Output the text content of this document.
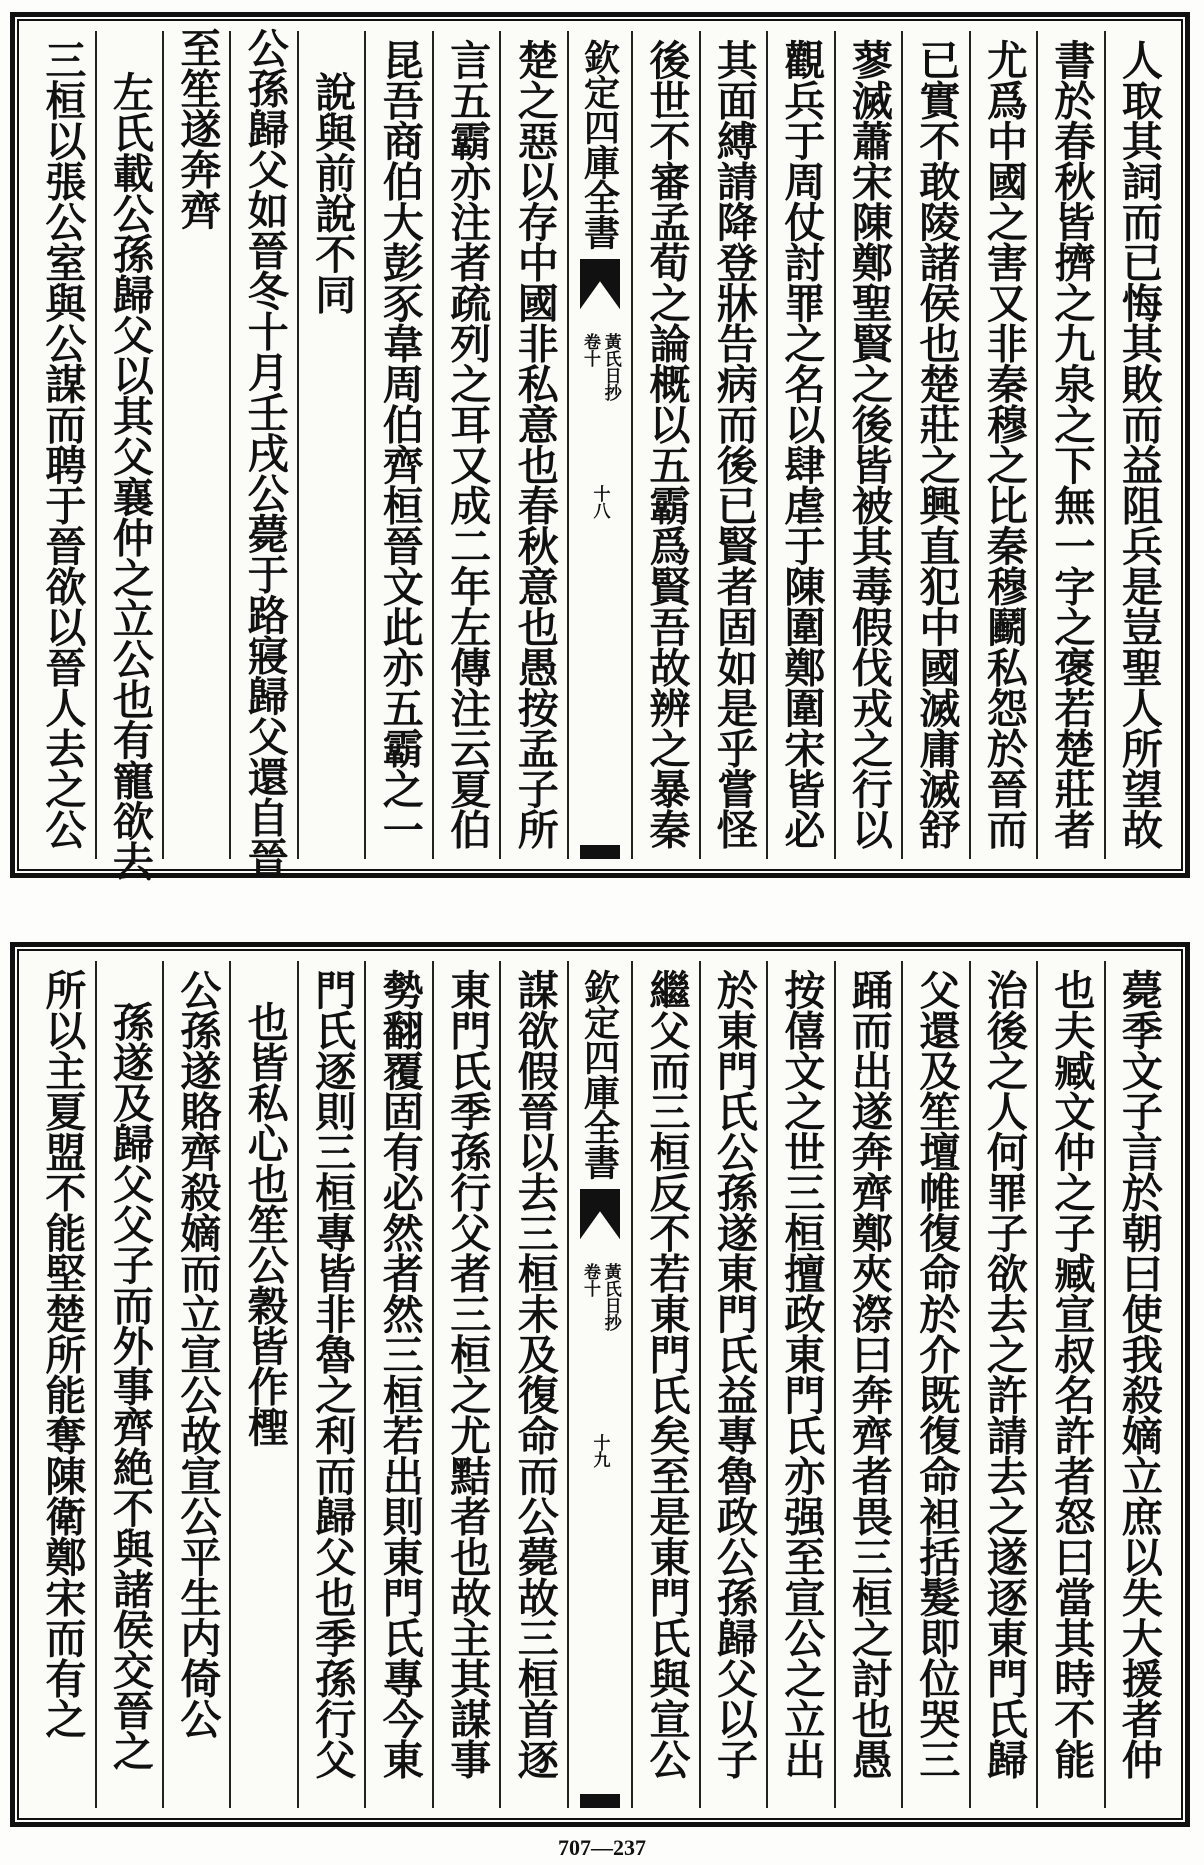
人取其詞而已悔其敗而益阻兵是豈聖人所望故
書於春秋皆擠之九泉之下無一字之褒若楚莊者
尤爲中國之害又非秦穆之比秦穆鬬私怨於晉而
已實不敢陵諸侯也楚莊之興直犯中國滅庸滅舒
蓼滅蕭宋陳鄭聖賢之後皆被其毒假伐戎之行以
觀兵于周仗討罪之名以肆虐于陳圍鄭圍宋皆必
其面縛請降登牀告病而後已賢者固如是乎嘗怪
後世不審孟荀之論概以五霸爲賢吾故辨之暴秦
欽定四庫全書
黃氏日抄
卷十
十八
楚之惡以存中國非私意也春秋意也愚按孟子所
言五霸亦注者疏列之耳又成二年左傳注云夏伯
昆吾商伯大彭豕韋周伯齊桓晉文此亦五霸之一
說與前說不同
公孫歸父如晉冬十月壬戌公薨于路寢歸父還自晉
至笙遂奔齊
左氏載公孫歸父以其父襄仲之立公也有寵欲去
三桓以張公室與公謀而聘于晉欲以晉人去之公
薨季文子言於朝曰使我殺嫡立庶以失大援者仲
也夫臧文仲之子臧宣叔名許者怒曰當其時不能
治後之人何罪子欲去之許請去之遂逐東門氏歸
父還及笙壇帷復命於介既復命袒括髮即位哭三
踊而出遂奔齊鄭夾漈曰奔齊者畏三桓之討也愚
按僖文之世三桓擅政東門氏亦强至宣公之立出
於東門氏公孫遂東門氏益專魯政公孫歸父以子
繼父而三桓反不若東門氏矣至是東門氏與宣公
欽定四庫全書
黃氏日抄
卷十
十九
謀欲假晉以去三桓未及復命而公薨故三桓首逐
東門氏季孫行父者三桓之尤黠者也故主其謀事
勢翻覆固有必然者然三桓若出則東門氏專今東
門氏逐則三桓專皆非魯之利而歸父也季孫行父
也皆私心也笙公穀皆作檉
公孫遂賂齊殺嫡而立宣公故宣公平生内倚公
孫遂及歸父父子而外事齊絶不與諸侯交晉之
所以主夏盟不能堅楚所能奪陳衛鄭宋而有之
707—237
